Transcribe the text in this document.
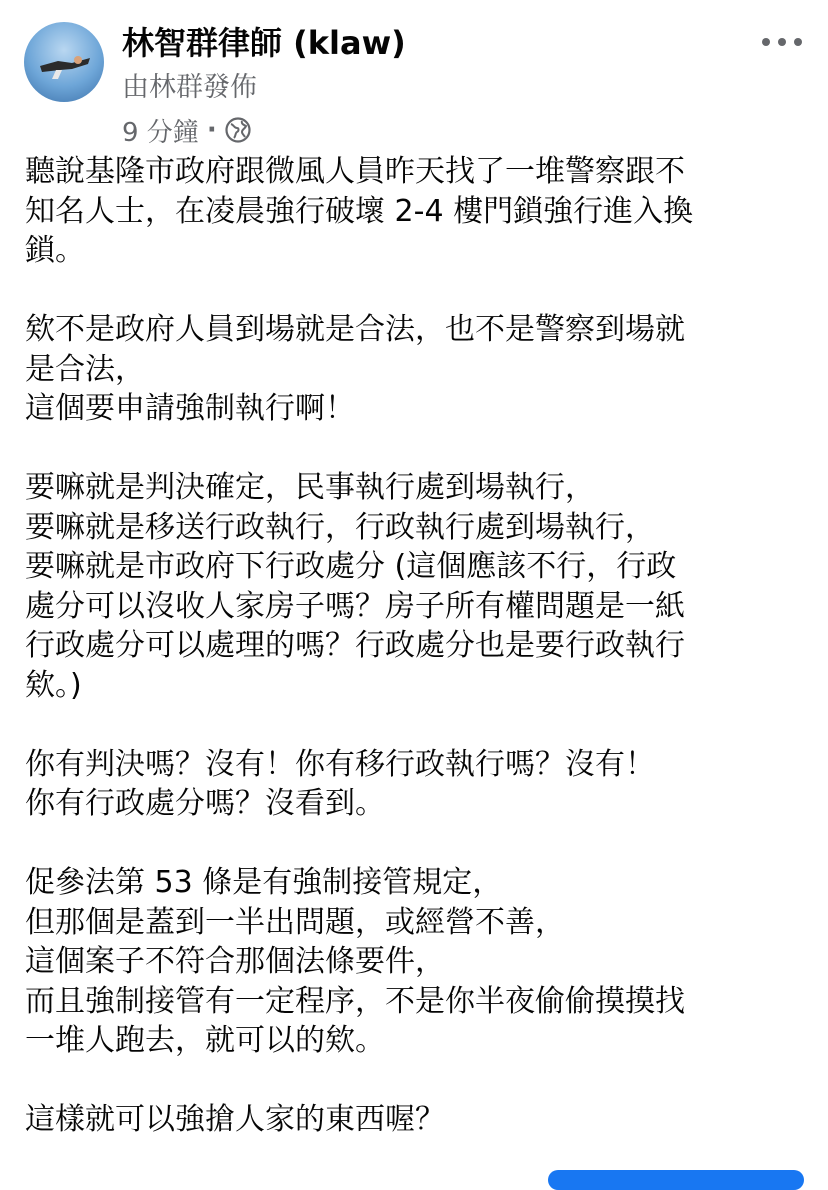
林智群律師 (klaw)
由林群發佈
9 分鐘 ·

聽說基隆市政府跟微風人員昨天找了一堆警察跟不
知名人士，在凌晨強行破壞 2-4 樓門鎖強行進入換
鎖。

欸不是政府人員到場就是合法，也不是警察到場就
是合法，
這個要申請強制執行啊！

要嘛就是判決確定，民事執行處到場執行，
要嘛就是移送行政執行，行政執行處到場執行，
要嘛就是市政府下行政處分 (這個應該不行，行政
處分可以沒收人家房子嗎？房子所有權問題是一紙
行政處分可以處理的嗎？行政處分也是要行政執行
欸。)

你有判決嗎？沒有！你有移行政執行嗎？沒有！
你有行政處分嗎？沒看到。

促參法第 53 條是有強制接管規定，
但那個是蓋到一半出問題，或經營不善，
這個案子不符合那個法條要件，
而且強制接管有一定程序，不是你半夜偷偷摸摸找
一堆人跑去，就可以的欸。

這樣就可以強搶人家的東西喔？
